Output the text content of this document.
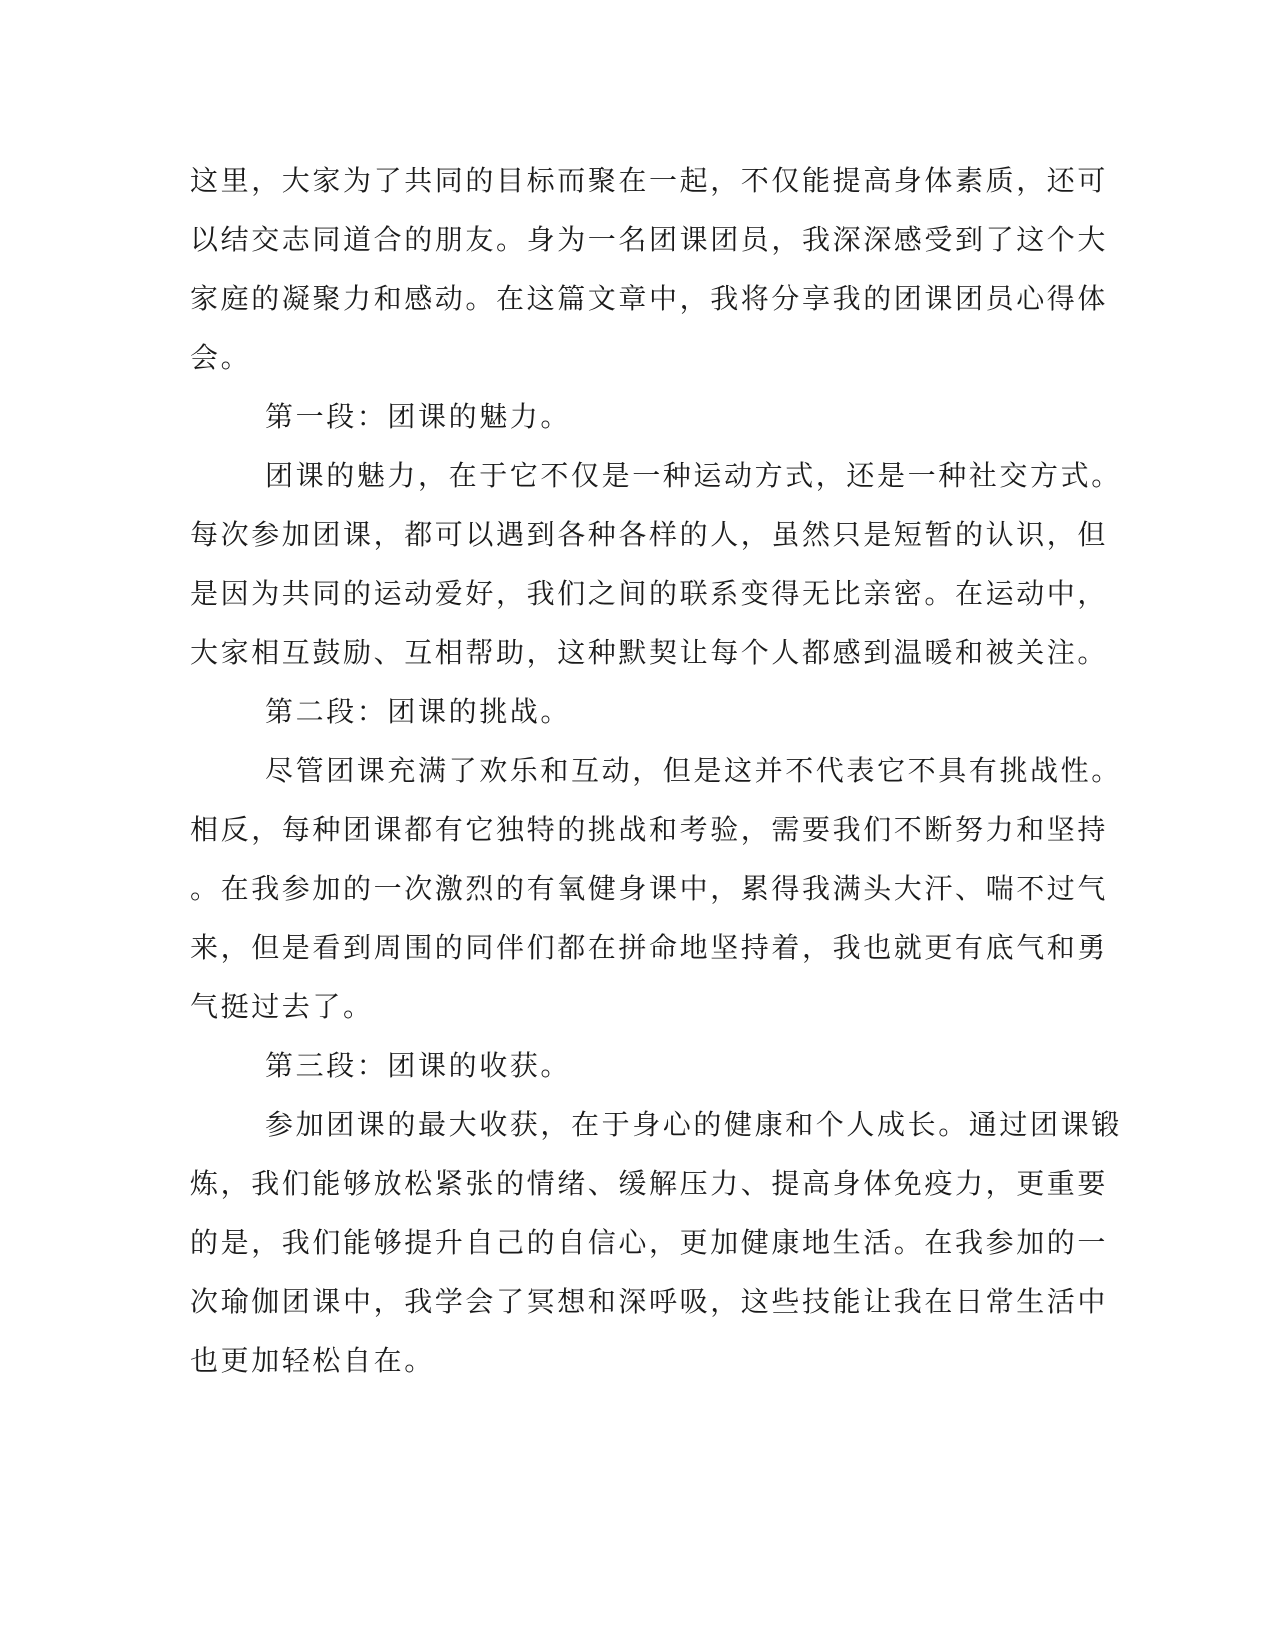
这里，大家为了共同的目标而聚在一起，不仅能提高身体素质，还可
以结交志同道合的朋友。身为一名团课团员，我深深感受到了这个大
家庭的凝聚力和感动。在这篇文章中，我将分享我的团课团员心得体
会。
第一段：团课的魅力。
团课的魅力，在于它不仅是一种运动方式，还是一种社交方式。
每次参加团课，都可以遇到各种各样的人，虽然只是短暂的认识，但
是因为共同的运动爱好，我们之间的联系变得无比亲密。在运动中，
大家相互鼓励、互相帮助，这种默契让每个人都感到温暖和被关注。
第二段：团课的挑战。
尽管团课充满了欢乐和互动，但是这并不代表它不具有挑战性。
相反，每种团课都有它独特的挑战和考验，需要我们不断努力和坚持
。在我参加的一次激烈的有氧健身课中，累得我满头大汗、喘不过气
来，但是看到周围的同伴们都在拼命地坚持着，我也就更有底气和勇
气挺过去了。
第三段：团课的收获。
参加团课的最大收获，在于身心的健康和个人成长。通过团课锻
炼，我们能够放松紧张的情绪、缓解压力、提高身体免疫力，更重要
的是，我们能够提升自己的自信心，更加健康地生活。在我参加的一
次瑜伽团课中，我学会了冥想和深呼吸，这些技能让我在日常生活中
也更加轻松自在。
